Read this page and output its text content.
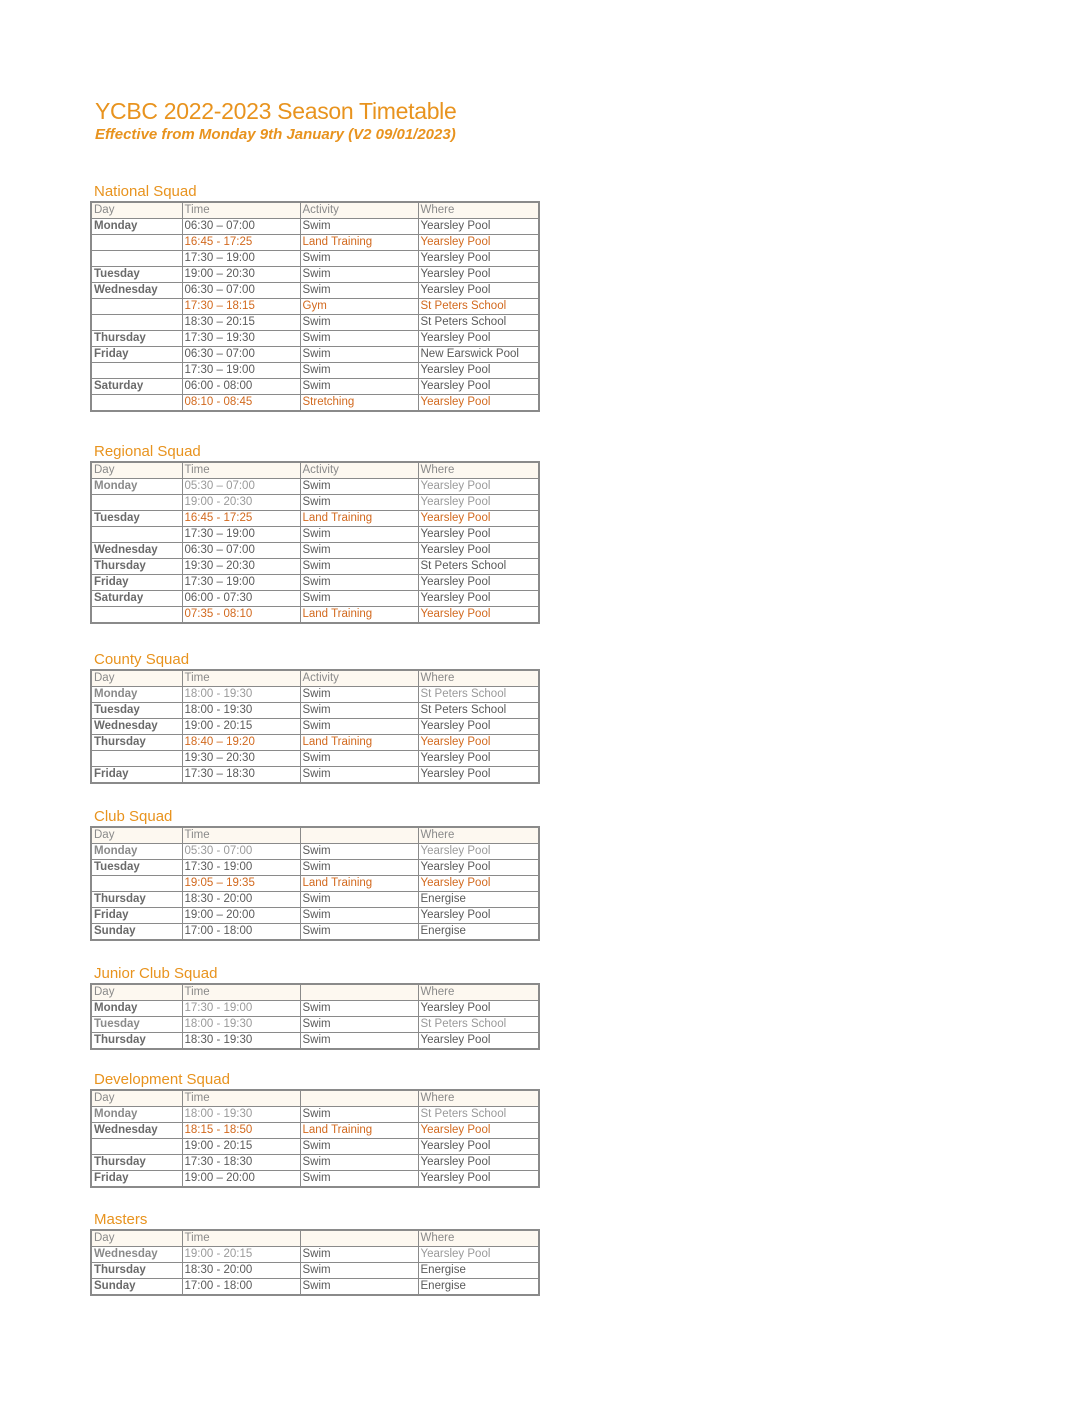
YCBC 2022-2023 Season Timetable
Effective from Monday 9th January (V2 09/01/2023)
National Squad
Day	Time	Activity	Where
Monday	06:30 – 07:00	Swim	Yearsley Pool
	16:45 - 17:25	Land Training	Yearsley Pool
	17:30 – 19:00	Swim	Yearsley Pool
Tuesday	19:00 – 20:30	Swim	Yearsley Pool
Wednesday	06:30 – 07:00	Swim	Yearsley Pool
	17:30 – 18:15	Gym	St Peters School
	18:30 – 20:15	Swim	St Peters School
Thursday	17:30 – 19:30	Swim	Yearsley Pool
Friday	06:30 – 07:00	Swim	New Earswick Pool
	17:30 – 19:00	Swim	Yearsley Pool
Saturday	06:00 - 08:00	Swim	Yearsley Pool
	08:10 - 08:45	Stretching	Yearsley Pool
Regional Squad
Day	Time	Activity	Where
Monday	05:30 – 07:00	Swim	Yearsley Pool
	19:00 - 20:30	Swim	Yearsley Pool
Tuesday	16:45 - 17:25	Land Training	Yearsley Pool
	17:30 – 19:00	Swim	Yearsley Pool
Wednesday	06:30 – 07:00	Swim	Yearsley Pool
Thursday	19:30 – 20:30	Swim	St Peters School
Friday	17:30 – 19:00	Swim	Yearsley Pool
Saturday	06:00 - 07:30	Swim	Yearsley Pool
	07:35 - 08:10	Land Training	Yearsley Pool
County Squad
Day	Time	Activity	Where
Monday	18:00 - 19:30	Swim	St Peters School
Tuesday	18:00 - 19:30	Swim	St Peters School
Wednesday	19:00 - 20:15	Swim	Yearsley Pool
Thursday	18:40 – 19:20	Land Training	Yearsley Pool
	19:30 – 20:30	Swim	Yearsley Pool
Friday	17:30 – 18:30	Swim	Yearsley Pool
Club Squad
Day	Time		Where
Monday	05:30 - 07:00	Swim	Yearsley Pool
Tuesday	17:30 - 19:00	Swim	Yearsley Pool
	19:05 – 19:35	Land Training	Yearsley Pool
Thursday	18:30 - 20:00	Swim	Energise
Friday	19:00 – 20:00	Swim	Yearsley Pool
Sunday	17:00 - 18:00	Swim	Energise
Junior Club Squad
Day	Time		Where
Monday	17:30 - 19:00	Swim	Yearsley Pool
Tuesday	18:00 - 19:30	Swim	St Peters School
Thursday	18:30 - 19:30	Swim	Yearsley Pool
Development Squad
Day	Time		Where
Monday	18:00 - 19:30	Swim	St Peters School
Wednesday	18:15 - 18:50	Land Training	Yearsley Pool
	19:00 - 20:15	Swim	Yearsley Pool
Thursday	17:30 - 18:30	Swim	Yearsley Pool
Friday	19:00 – 20:00	Swim	Yearsley Pool
Masters
Day	Time		Where
Wednesday	19:00 - 20:15	Swim	Yearsley Pool
Thursday	18:30 - 20:00	Swim	Energise
Sunday	17:00 - 18:00	Swim	Energise
